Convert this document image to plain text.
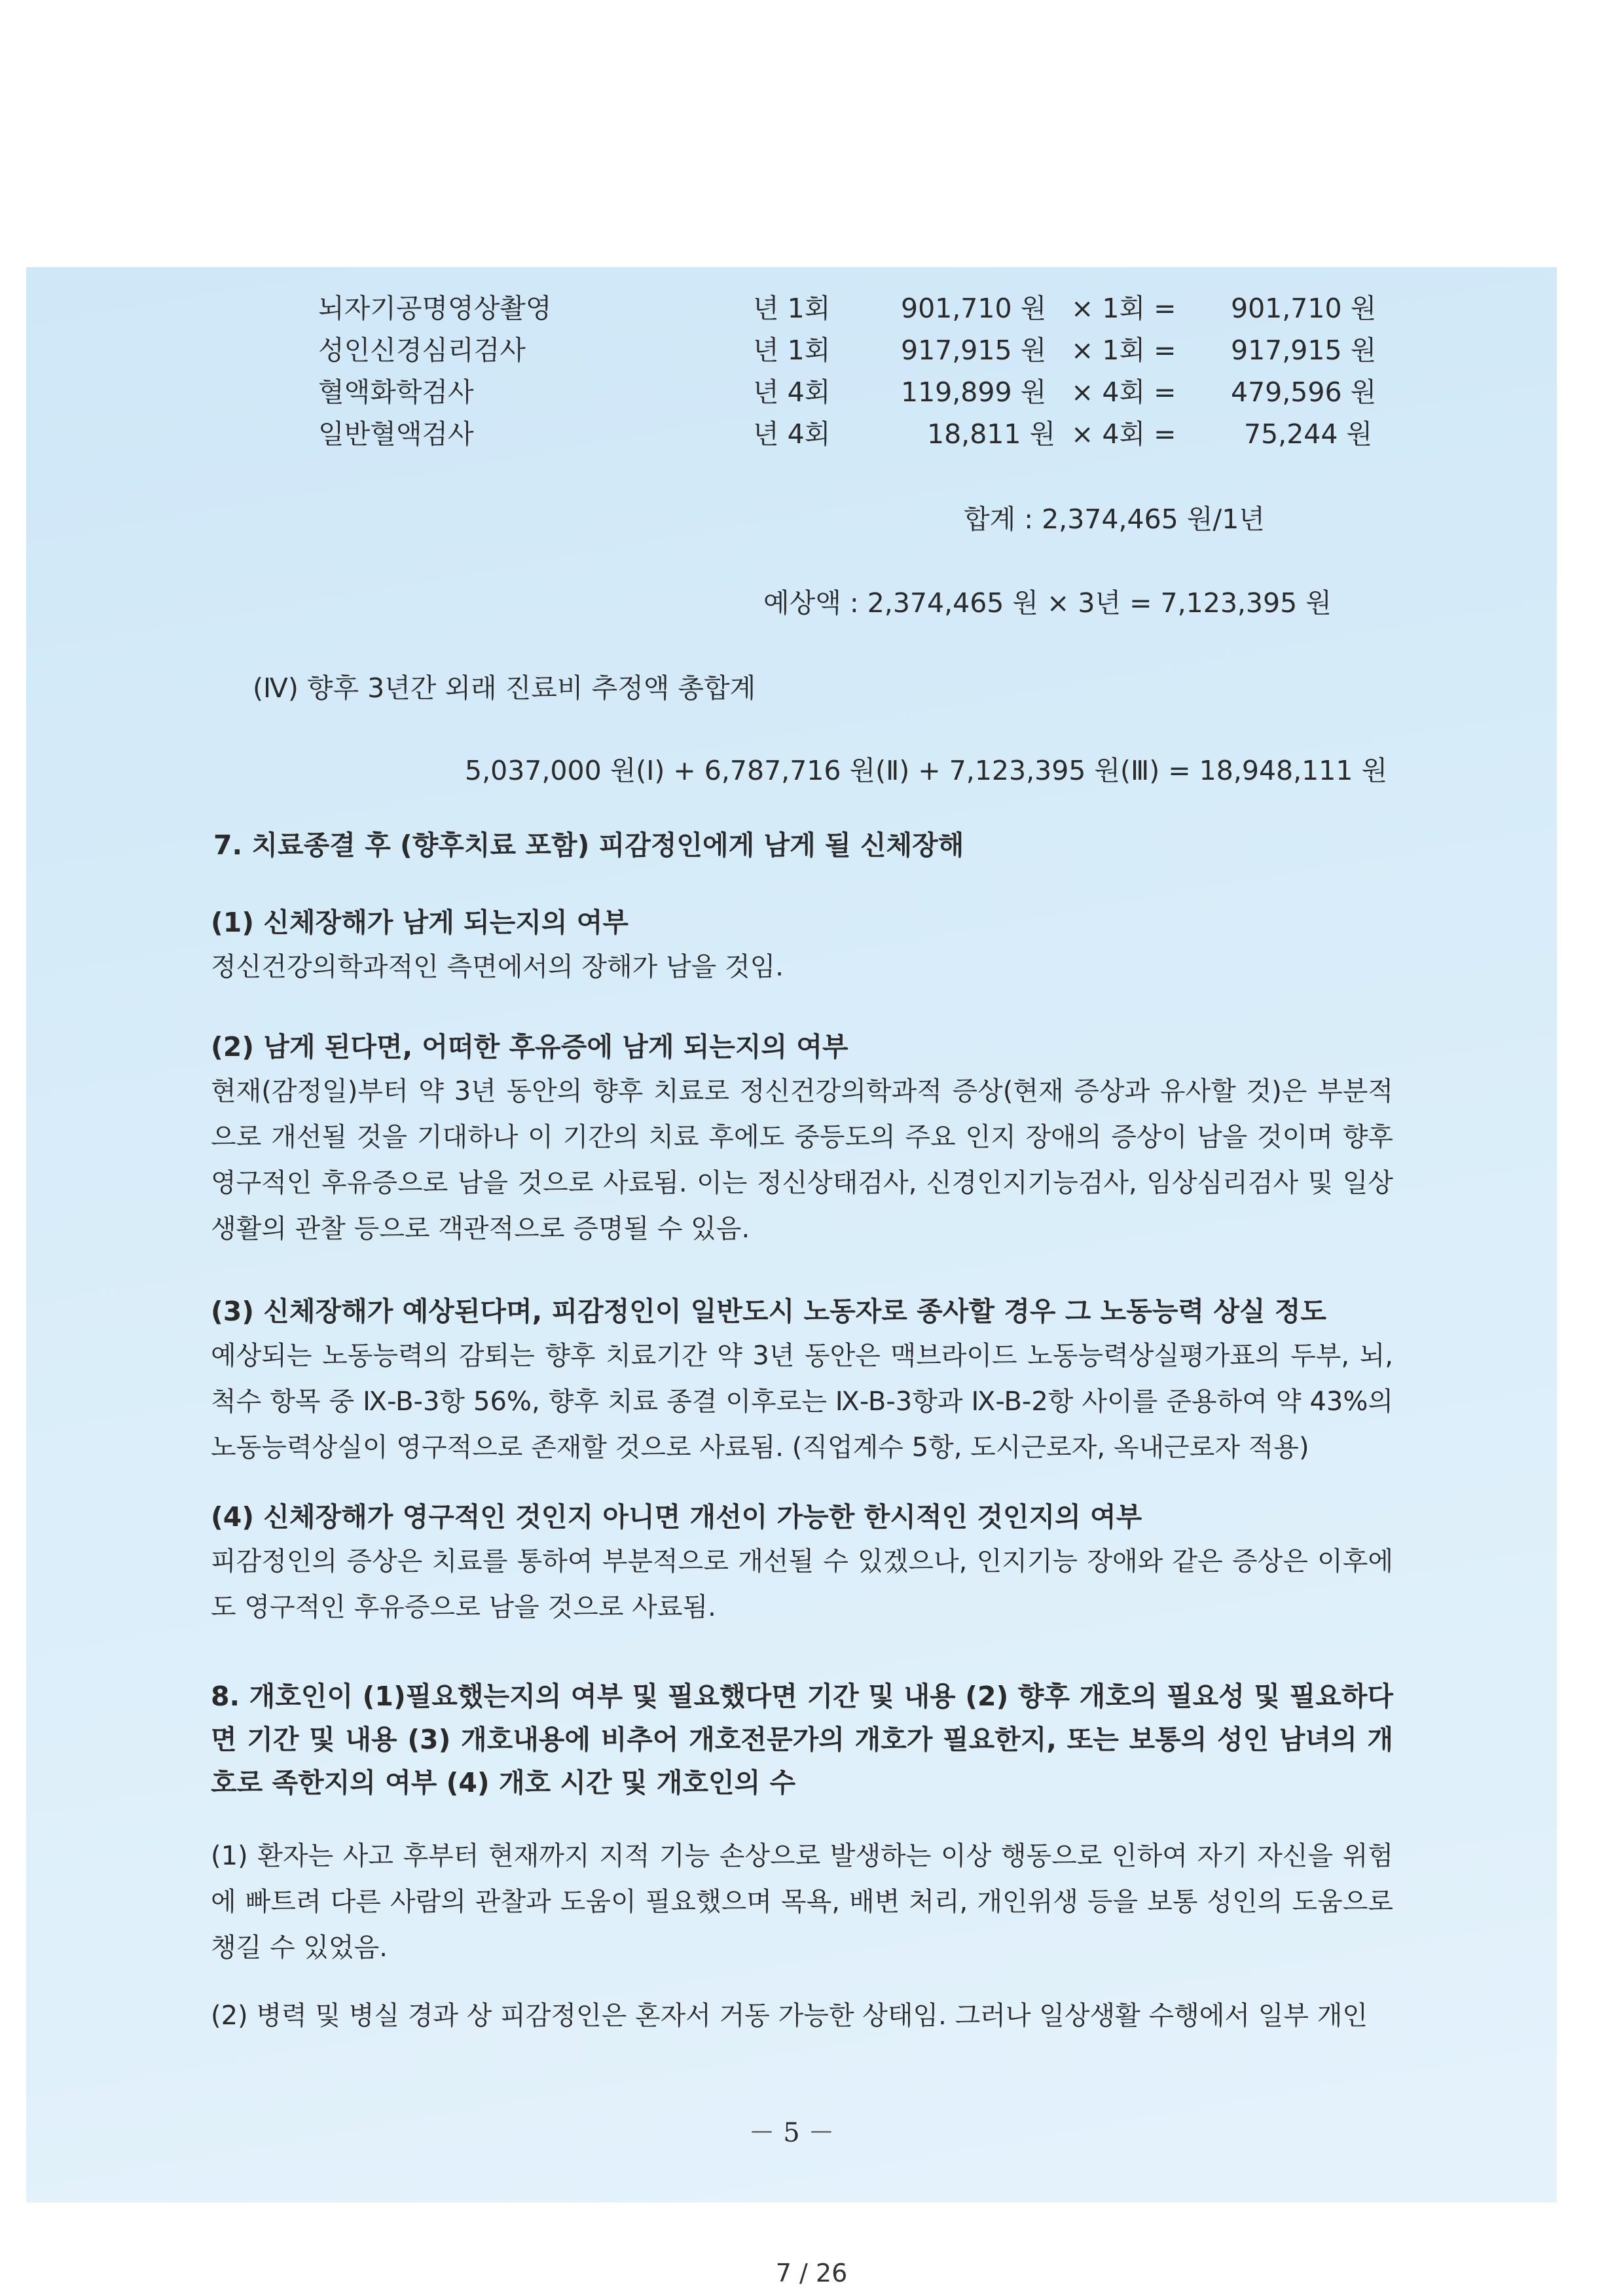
뇌자기공명영상촬영	년 1회	901,710 원 × 1회 = 901,710 원
성인신경심리검사	년 1회	917,915 원 × 1회 = 917,915 원
혈액화학검사	년 4회	119,899 원 × 4회 = 479,596 원
일반혈액검사	년 4회	18,811 원 × 4회 =	75,244 원
합계 : 2,374,465 원/1년
예상액 : 2,374,465 원 × 3년 = 7,123,395 원
(Ⅳ) 향후 3년간 외래 진료비 추정액 총합계
5,037,000 원(Ⅰ) + 6,787,716 원(Ⅱ) + 7,123,395 원(Ⅲ) = 18,948,111 원
7. 치료종결 후 (향후치료 포함) 피감정인에게 남게 될 신체장해
(1) 신체장해가 남게 되는지의 여부
정신건강의학과적인 측면에서의 장해가 남을 것임.
(2) 남게 된다면, 어떠한 후유증에 남게 되는지의 여부
현재(감정일)부터 약 3년 동안의 향후 치료로 정신건강의학과적 증상(현재 증상과 유사할 것)은 부분적으로 개선될 것을 기대하나 이 기간의 치료 후에도 중등도의 주요 인지 장애의 증상이 남을 것이며 향후 영구적인 후유증으로 남을 것으로 사료됨. 이는 정신상태검사, 신경인지기능검사, 임상심리검사 및 일상생활의 관찰 등으로 객관적으로 증명될 수 있음.
(3) 신체장해가 예상된다며, 피감정인이 일반도시 노동자로 종사할 경우 그 노동능력 상실 정도
예상되는 노동능력의 감퇴는 향후 치료기간 약 3년 동안은 맥브라이드 노동능력상실평가표의 두부, 뇌, 척수 항목 중 Ⅸ-B-3항 56%, 향후 치료 종결 이후로는 Ⅸ-B-3항과 Ⅸ-B-2항 사이를 준용하여 약 43%의 노동능력상실이 영구적으로 존재할 것으로 사료됨. (직업계수 5항, 도시근로자, 옥내근로자 적용)
(4) 신체장해가 영구적인 것인지 아니면 개선이 가능한 한시적인 것인지의 여부
피감정인의 증상은 치료를 통하여 부분적으로 개선될 수 있겠으나, 인지기능 장애와 같은 증상은 이후에도 영구적인 후유증으로 남을 것으로 사료됨.
8. 개호인이 (1)필요했는지의 여부 및 필요했다면 기간 및 내용 (2) 향후 개호의 필요성 및 필요하다면 기간 및 내용 (3) 개호내용에 비추어 개호전문가의 개호가 필요한지, 또는 보통의 성인 남녀의 개호로 족한지의 여부 (4) 개호 시간 및 개호인의 수
(1) 환자는 사고 후부터 현재까지 지적 기능 손상으로 발생하는 이상 행동으로 인하여 자기 자신을 위험에 빠트려 다른 사람의 관찰과 도움이 필요했으며 목욕, 배변 처리, 개인위생 등을 보통 성인의 도움으로 챙길 수 있었음.
(2) 병력 및 병실 경과 상 피감정인은 혼자서 거동 가능한 상태임. 그러나 일상생활 수행에서 일부 개인
－ 5 －
7 / 26
